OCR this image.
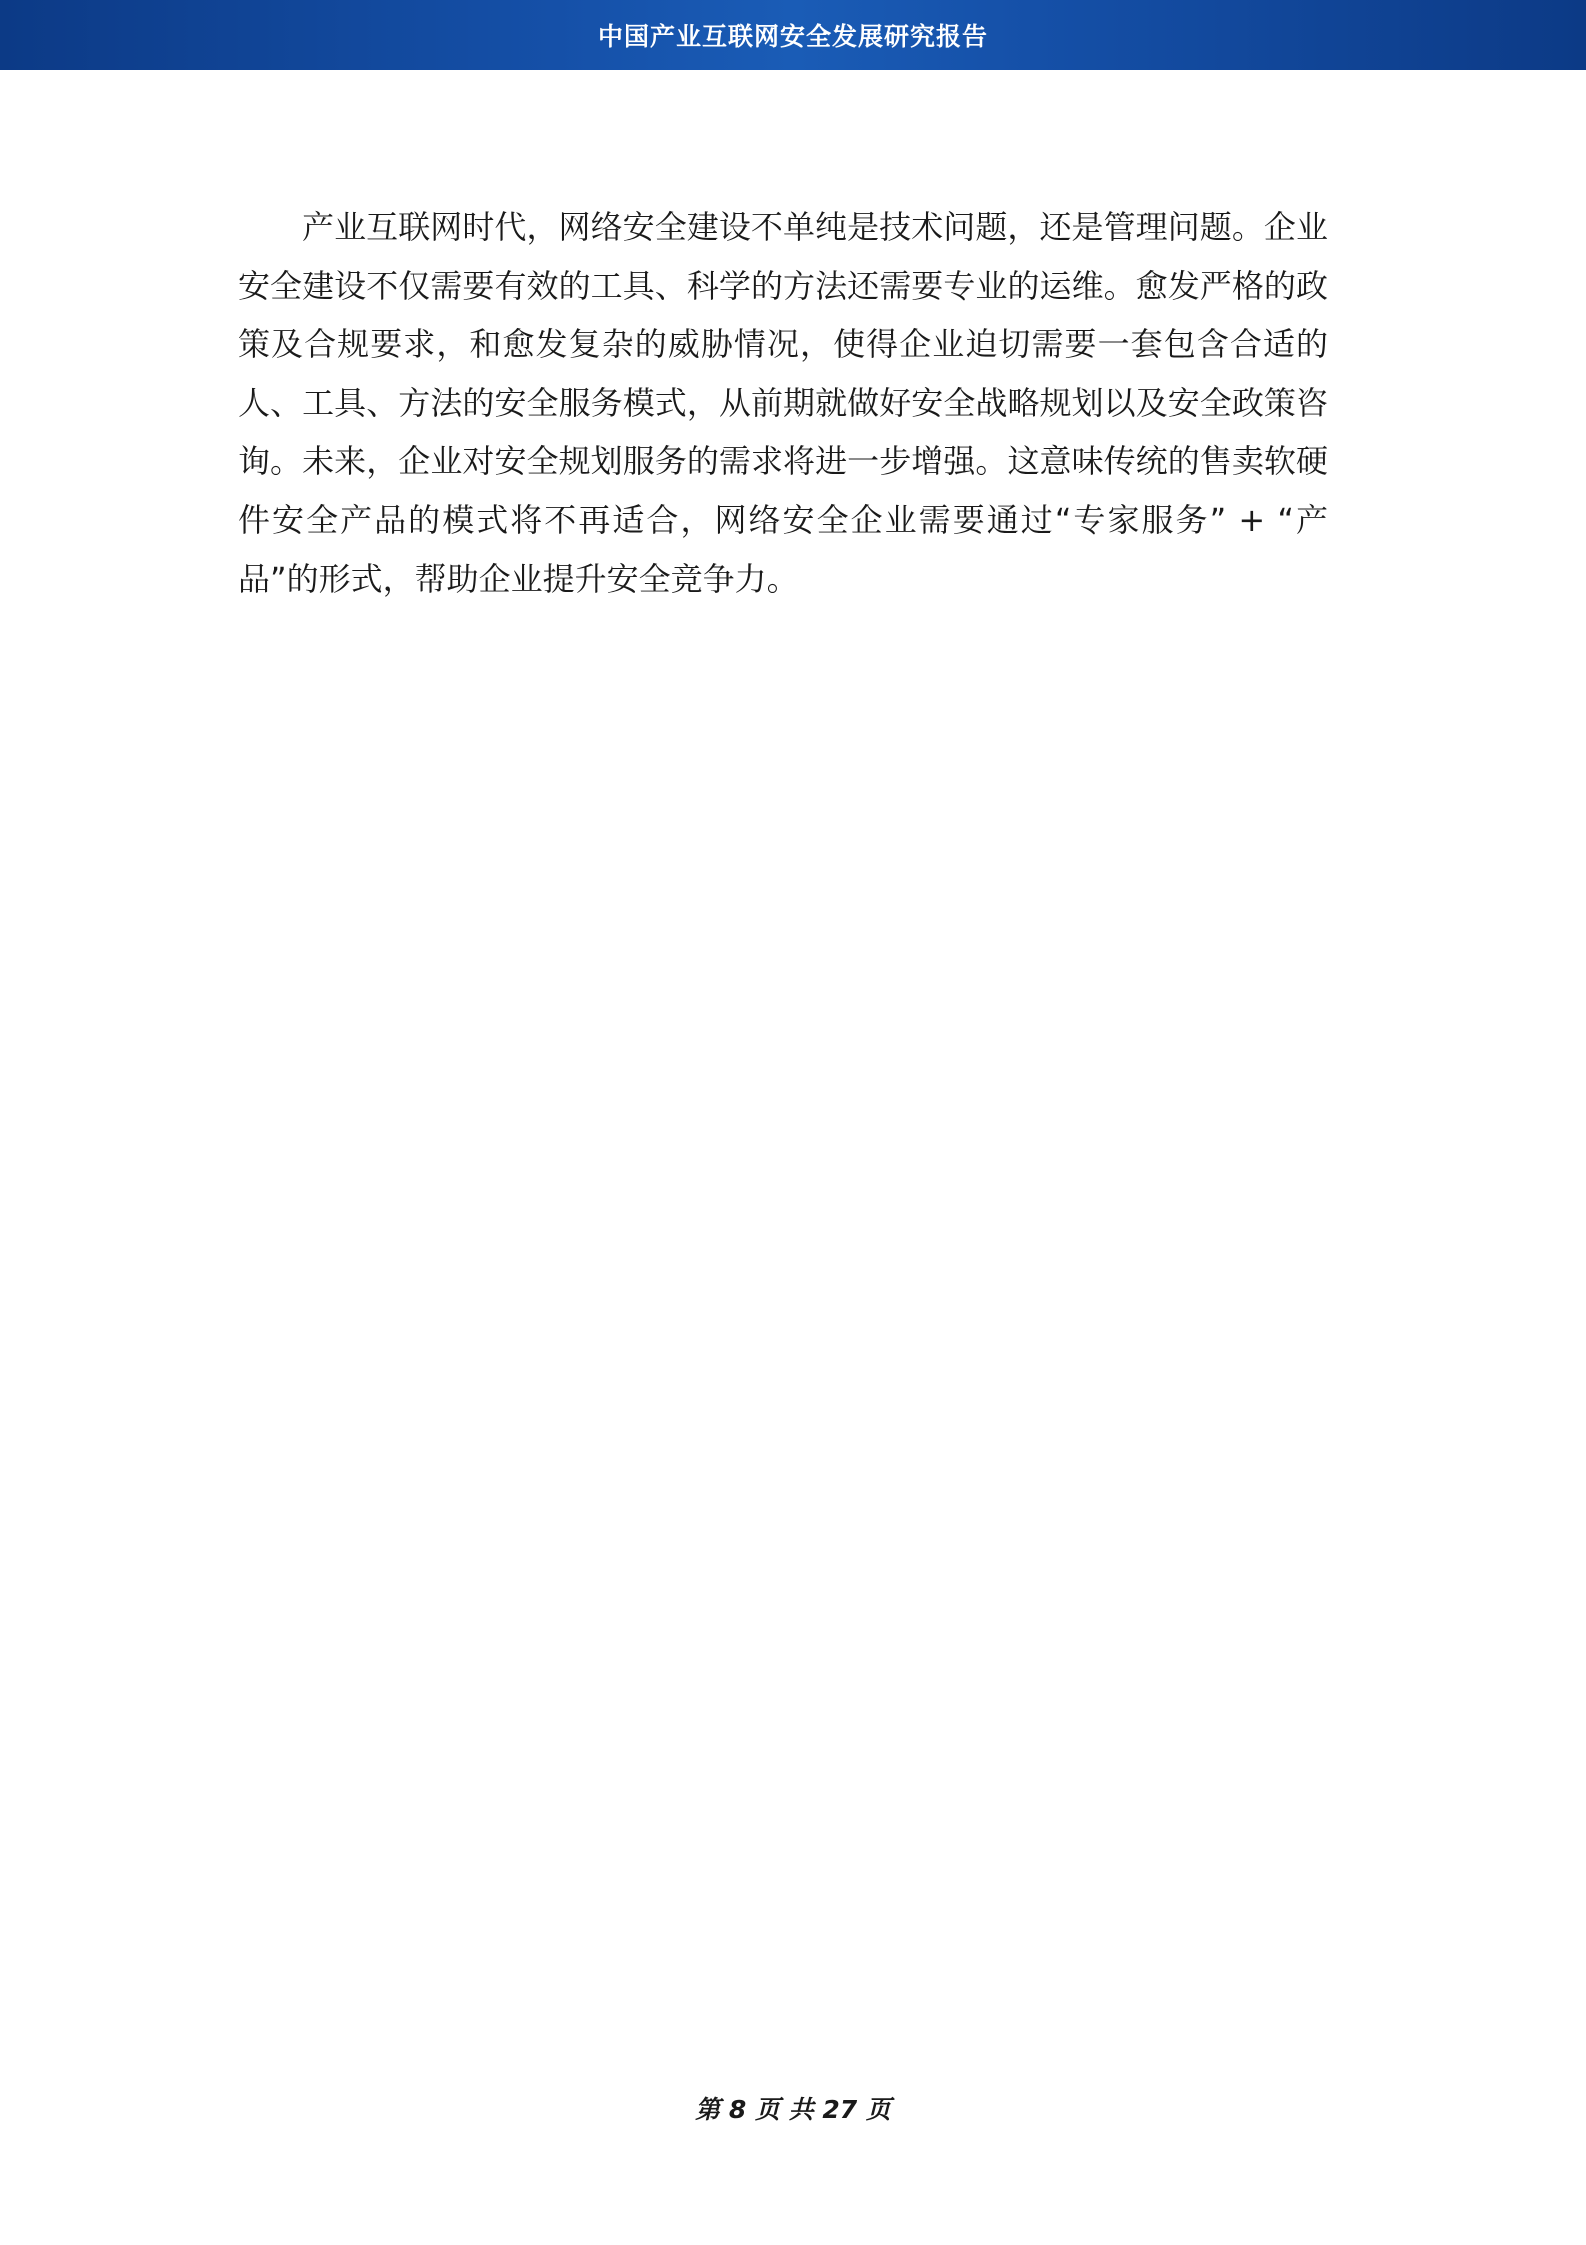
中国产业互联网安全发展研究报告

产业互联网时代，网络安全建设不单纯是技术问题，还是管理问题。企业安全建设不仅需要有效的工具、科学的方法还需要专业的运维。愈发严格的政策及合规要求，和愈发复杂的威胁情况，使得企业迫切需要一套包含合适的人、工具、方法的安全服务模式，从前期就做好安全战略规划以及安全政策咨询。未来，企业对安全规划服务的需求将进一步增强。这意味传统的售卖软硬件安全产品的模式将不再适合，网络安全企业需要通过“专家服务” + “产品”的形式，帮助企业提升安全竞争力。

第 8 页 共 27 页
